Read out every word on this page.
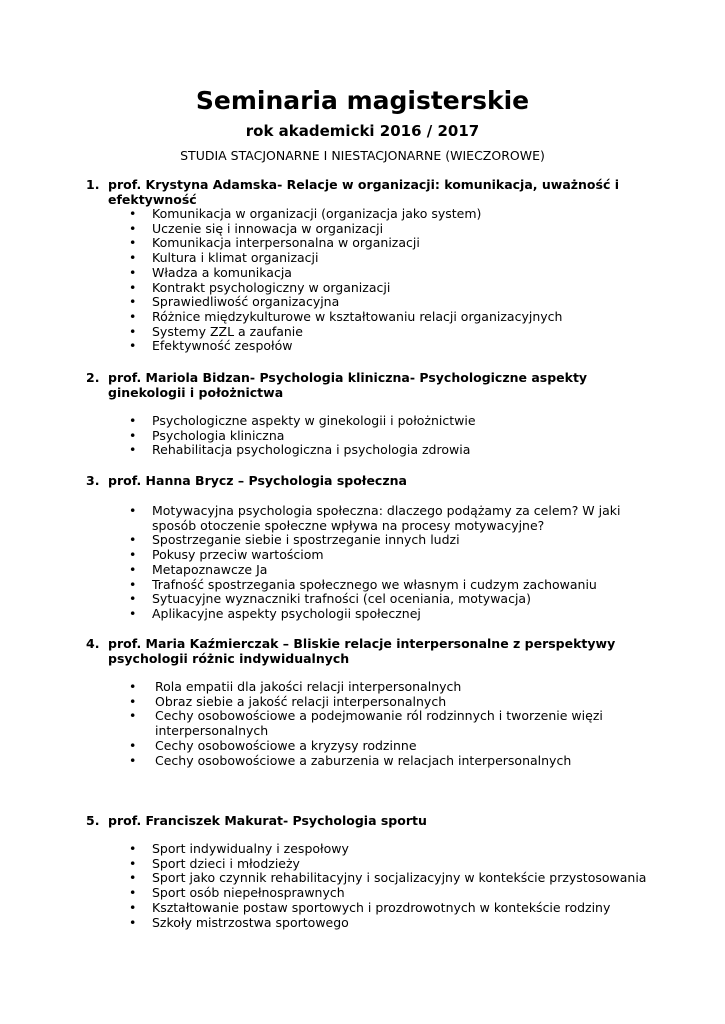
Seminaria magisterskie
rok akademicki 2016 / 2017
STUDIA STACJONARNE I NIESTACJONARNE (WIECZOROWE)
1. prof. Krystyna Adamska- Relacje w organizacji: komunikacja, uważność i efektywność
• Komunikacja w organizacji (organizacja jako system)
• Uczenie się i innowacja w organizacji
• Komunikacja interpersonalna w organizacji
• Kultura i klimat organizacji
• Władza a komunikacja
• Kontrakt psychologiczny w organizacji
• Sprawiedliwość organizacyjna
• Różnice międzykulturowe w kształtowaniu relacji organizacyjnych
• Systemy ZZL a zaufanie
• Efektywność zespołów
2. prof. Mariola Bidzan- Psychologia kliniczna- Psychologiczne aspekty ginekologii i położnictwa
• Psychologiczne aspekty w ginekologii i położnictwie
• Psychologia kliniczna
• Rehabilitacja psychologiczna i psychologia zdrowia
3. prof. Hanna Brycz – Psychologia społeczna
• Motywacyjna psychologia społeczna: dlaczego podążamy za celem? W jaki sposób otoczenie społeczne wpływa na procesy motywacyjne?
• Spostrzeganie siebie i spostrzeganie innych ludzi
• Pokusy przeciw wartościom
• Metapoznawcze Ja
• Trafność spostrzegania społecznego we własnym i cudzym zachowaniu
• Sytuacyjne wyznaczniki trafności (cel oceniania, motywacja)
• Aplikacyjne aspekty psychologii społecznej
4. prof. Maria Kaźmierczak – Bliskie relacje interpersonalne z perspektywy psychologii różnic indywidualnych
• Rola empatii dla jakości relacji interpersonalnych
• Obraz siebie a jakość relacji interpersonalnych
• Cechy osobowościowe a podejmowanie ról rodzinnych i tworzenie więzi interpersonalnych
• Cechy osobowościowe a kryzysy rodzinne
• Cechy osobowościowe a zaburzenia w relacjach interpersonalnych
5. prof. Franciszek Makurat- Psychologia sportu
• Sport indywidualny i zespołowy
• Sport dzieci i młodzieży
• Sport jako czynnik rehabilitacyjny i socjalizacyjny w kontekście przystosowania
• Sport osób niepełnosprawnych
• Kształtowanie postaw sportowych i prozdrowotnych w kontekście rodziny
• Szkoły mistrzostwa sportowego
